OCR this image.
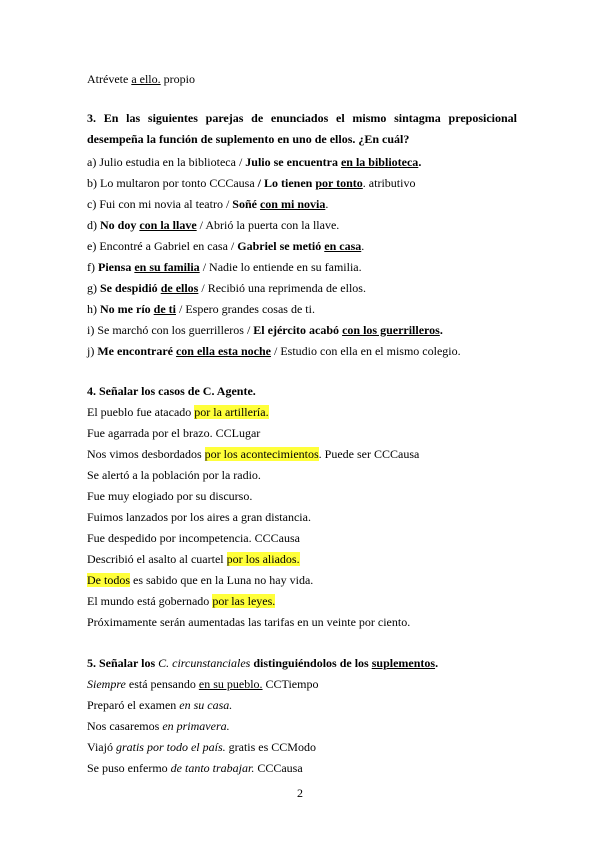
Atrévete a ello. propio
3. En las siguientes parejas de enunciados el mismo sintagma preposicional desempeña la función de suplemento en uno de ellos. ¿En cuál?
a) Julio estudia en la biblioteca / Julio se encuentra en la biblioteca.
b) Lo multaron por tonto CCCausa / Lo tienen por tonto. atributivo
c) Fui con mi novia al teatro / Soñé con mi novia.
d) No doy con la llave / Abrió la puerta con la llave.
e) Encontré a Gabriel en casa / Gabriel se metió en casa.
f) Piensa en su familia / Nadie lo entiende en su familia.
g) Se despidió de ellos / Recibió una reprimenda de ellos.
h) No me río de ti / Espero grandes cosas de ti.
i) Se marchó con los guerrilleros / El ejército acabó con los guerrilleros.
j) Me encontraré con ella esta noche / Estudio con ella en el mismo colegio.
4. Señalar los casos de C. Agente.
El pueblo fue atacado por la artillería.
Fue agarrada por el brazo. CCLugar
Nos vimos desbordados por los acontecimientos. Puede ser CCCausa
Se alertó a la población por la radio.
Fue muy elogiado por su discurso.
Fuimos lanzados por los aires a gran distancia.
Fue despedido por incompetencia. CCCausa
Describió el asalto al cuartel por los aliados.
De todos es sabido que en la Luna no hay vida.
El mundo está gobernado por las leyes.
Próximamente serán aumentadas las tarifas en un veinte por ciento.
5. Señalar los C. circunstanciales distinguiéndolos de los suplementos.
Siempre está pensando en su pueblo. CCTiempo
Preparó el examen en su casa.
Nos casaremos en primavera.
Viajó gratis por todo el país. gratis es CCModo
Se puso enfermo de tanto trabajar. CCCausa
2
